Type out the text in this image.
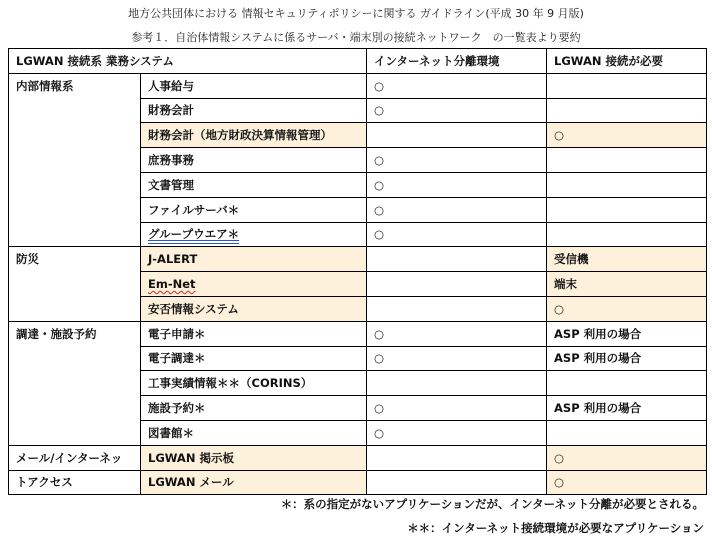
地方公共団体における 情報セキュリティポリシーに関する ガイドライン(平成 30 年 9 月版)
参考１．自治体情報システムに係るサーバ・端末別の接続ネットワーク　の一覧表より要約
LGWAN 接続系 業務システム		インターネット分離環境	LGWAN 接続が必要
内部情報系	人事給与	○	
	財務会計	○	
	財務会計（地方財政決算情報管理）		○
	庶務事務	○	
	文書管理	○	
	ファイルサーバ＊	○	
	グループウエア＊	○	
防災	J-ALERT		受信機
	Em-Net		端末
	安否情報システム		○
調達・施設予約	電子申請＊	○	ASP 利用の場合
	電子調達＊	○	ASP 利用の場合
	工事実績情報＊＊（CORINS）		
	施設予約＊	○	ASP 利用の場合
	図書館＊	○	
メール/インターネッ	LGWAN 掲示板		○
トアクセス	LGWAN メール		○
＊：系の指定がないアプリケーションだが、インターネット分離が必要とされる。
＊＊：インターネット接続環境が必要なアプリケーション
